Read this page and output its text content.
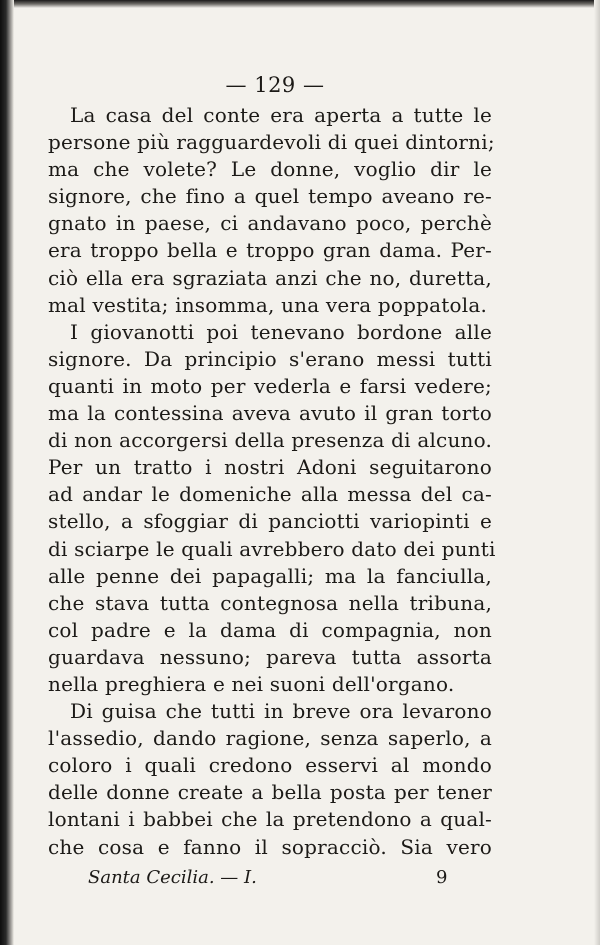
— 129 —
La casa del conte era aperta a tutte le
persone più ragguardevoli di quei dintorni;
ma che volete? Le donne, voglio dir le
signore, che fino a quel tempo aveano re-
gnato in paese, ci andavano poco, perchè
era troppo bella e troppo gran dama. Per-
ciò ella era sgraziata anzi che no, duretta,
mal vestita; insomma, una vera poppatola.
I giovanotti poi tenevano bordone alle
signore. Da principio s'erano messi tutti
quanti in moto per vederla e farsi vedere;
ma la contessina aveva avuto il gran torto
di non accorgersi della presenza di alcuno.
Per un tratto i nostri Adoni seguitarono
ad andar le domeniche alla messa del ca-
stello, a sfoggiar di panciotti variopinti e
di sciarpe le quali avrebbero dato dei punti
alle penne dei papagalli; ma la fanciulla,
che stava tutta contegnosa nella tribuna,
col padre e la dama di compagnia, non
guardava nessuno; pareva tutta assorta
nella preghiera e nei suoni dell'organo.
Di guisa che tutti in breve ora levarono
l'assedio, dando ragione, senza saperlo, a
coloro i quali credono esservi al mondo
delle donne create a bella posta per tener
lontani i babbei che la pretendono a qual-
che cosa e fanno il sopracciò. Sia vero
Santa Cecilia. — I.	9
